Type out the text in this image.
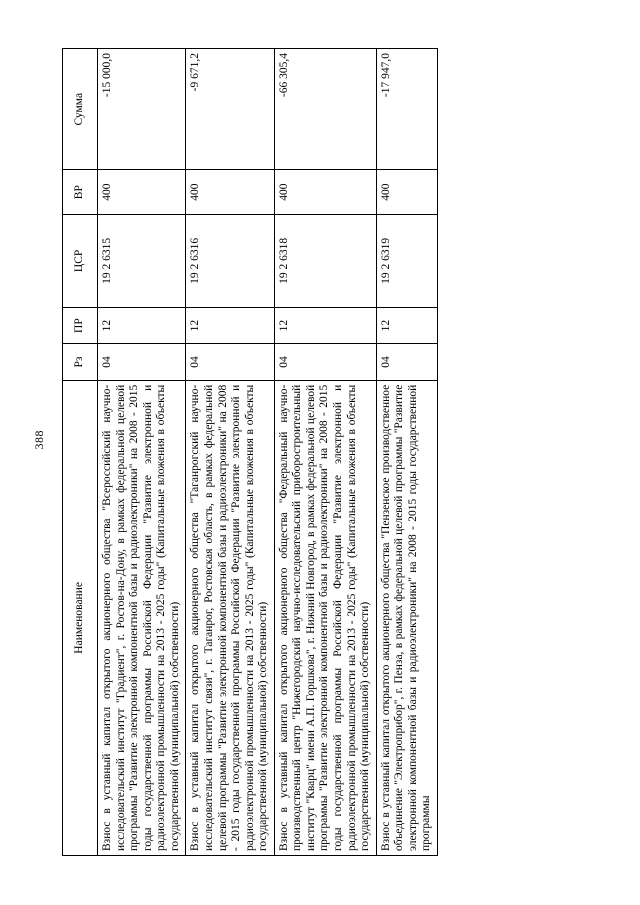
388
Наименование	Рз	ПР	ЦСР	ВР	Сумма
Взнос в уставный капитал открытого акционерного общества "Всероссийский научно-исследовательский институт "Градиент", г. Ростов-на-Дону, в рамках федеральной целевой программы "Развитие электронной компонентной базы и радиоэлектроники" на 2008 - 2015 годы государственной программы Российской Федерации "Развитие электронной и радиоэлектронной промышленности на 2013 - 2025 годы" (Капитальные вложения в объекты государственной (муниципальной) собственности)	04	12	19 2 6315	400	-15 000,0
Взнос в уставный капитал открытого акционерного общества "Таганрогский научно-исследовательский институт связи", г. Таганрог, Ростовская область, в рамках федеральной целевой программы "Развитие электронной компонентной базы и радиоэлектроники" на 2008 - 2015 годы государственной программы Российской Федерации "Развитие электронной и радиоэлектронной промышленности на 2013 - 2025 годы" (Капитальные вложения в объекты государственной (муниципальной) собственности)	04	12	19 2 6316	400	-9 671,2
Взнос в уставный капитал открытого акционерного общества "Федеральный научно-производственный центр "Нижегородский научно-исследовательский приборостроительный институт "Кварц" имени А.П. Горшкова", г. Нижний Новгород, в рамках федеральной целевой программы "Развитие электронной компонентной базы и радиоэлектроники" на 2008 - 2015 годы государственной программы Российской Федерации "Развитие электронной и радиоэлектронной промышленности на 2013 - 2025 годы" (Капитальные вложения в объекты государственной (муниципальной) собственности)	04	12	19 2 6318	400	-66 305,4
Взнос в уставный капитал открытого акционерного общества "Пензенское производственное объединение "Электроприбор", г. Пенза, в рамках федеральной целевой программы "Развитие электронной компонентной базы и радиоэлектроники" на 2008 - 2015 годы государственной программы	04	12	19 2 6319	400	-17 947,0
